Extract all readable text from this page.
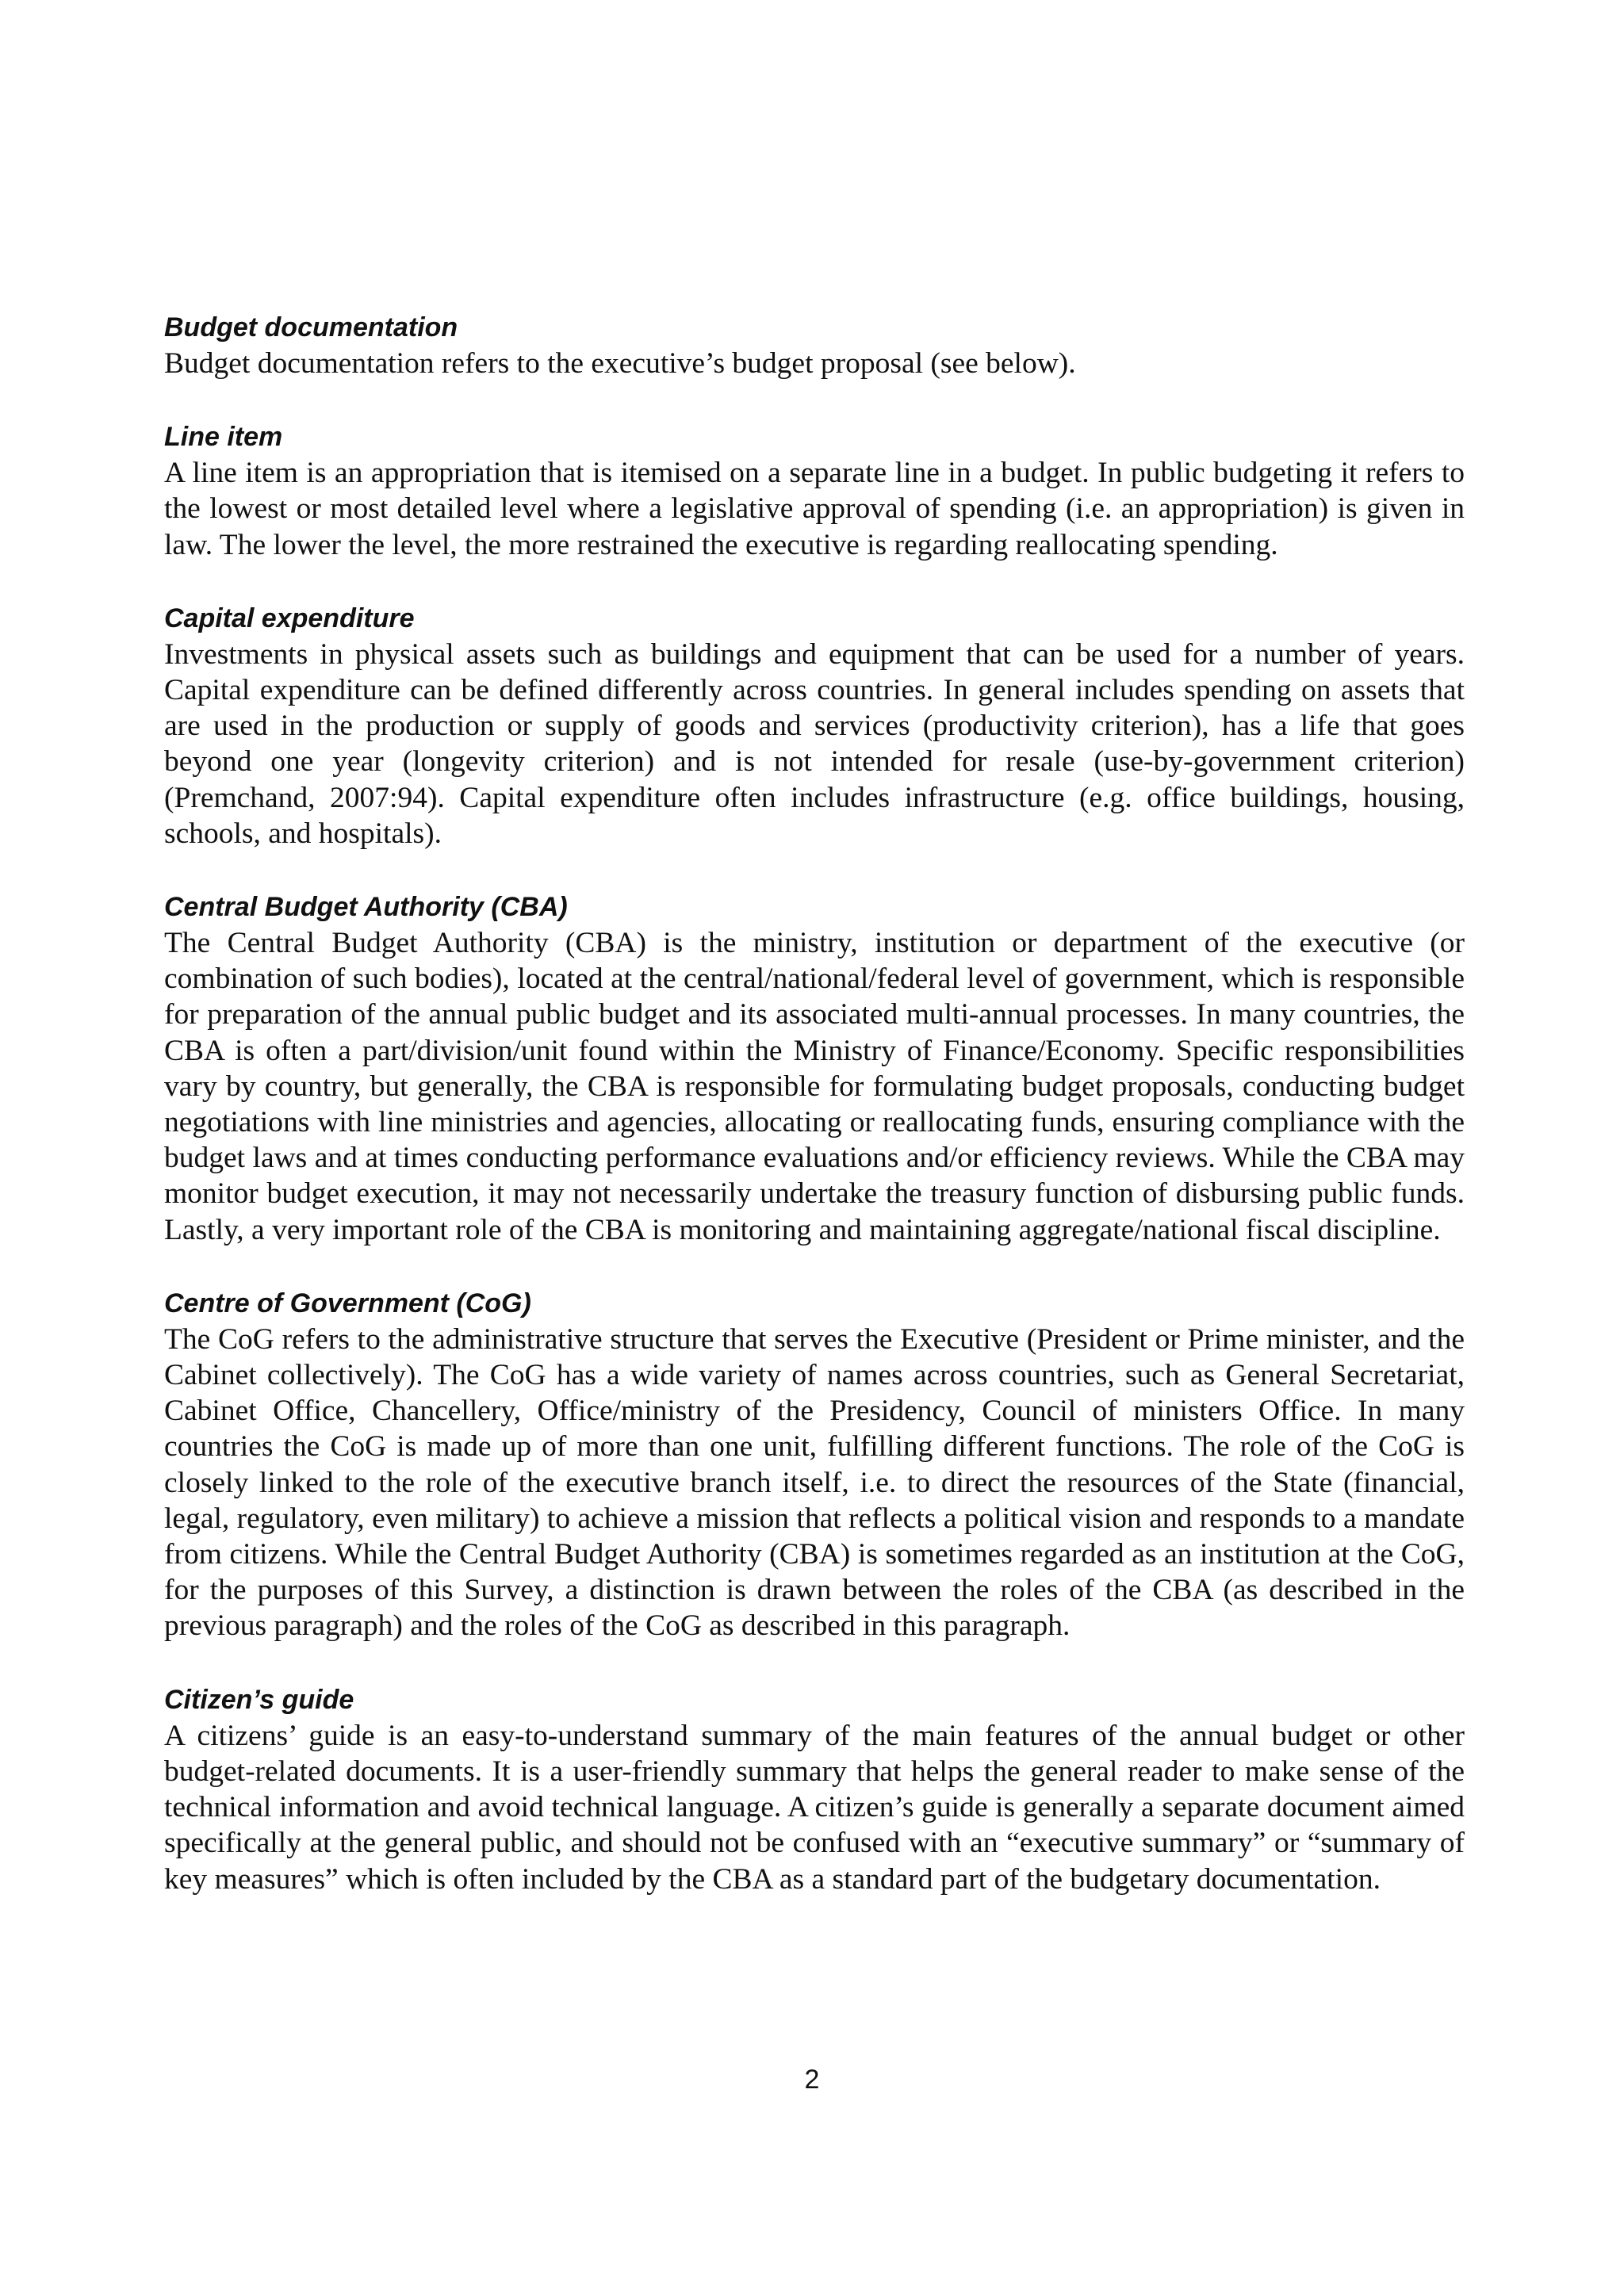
Budget documentation

Budget documentation refers to the executive’s budget proposal (see below).

Line item

A line item is an appropriation that is itemised on a separate line in a budget. In public budgeting it refers to the lowest or most detailed level where a legislative approval of spending (i.e. an appropriation) is given in law. The lower the level, the more restrained the executive is regarding reallocating spending.

Capital expenditure

Investments in physical assets such as buildings and equipment that can be used for a number of years. Capital expenditure can be defined differently across countries. In general includes spending on assets that are used in the production or supply of goods and services (productivity criterion), has a life that goes beyond one year (longevity criterion) and is not intended for resale (use-by-government criterion) (Premchand, 2007:94). Capital expenditure often includes infrastructure (e.g. office buildings, housing, schools, and hospitals).

Central Budget Authority (CBA)

The Central Budget Authority (CBA) is the ministry, institution or department of the executive (or combination of such bodies), located at the central/national/federal level of government, which is responsible for preparation of the annual public budget and its associated multi-annual processes. In many countries, the CBA is often a part/division/unit found within the Ministry of Finance/Economy. Specific responsibilities vary by country, but generally, the CBA is responsible for formulating budget proposals, conducting budget negotiations with line ministries and agencies, allocating or reallocating funds, ensuring compliance with the budget laws and at times conducting performance evaluations and/or efficiency reviews. While the CBA may monitor budget execution, it may not necessarily undertake the treasury function of disbursing public funds. Lastly, a very important role of the CBA is monitoring and maintaining aggregate/national fiscal discipline.

Centre of Government (CoG)

The CoG refers to the administrative structure that serves the Executive (President or Prime minister, and the Cabinet collectively). The CoG has a wide variety of names across countries, such as General Secretariat, Cabinet Office, Chancellery, Office/ministry of the Presidency, Council of ministers Office. In many countries the CoG is made up of more than one unit, fulfilling different functions. The role of the CoG is closely linked to the role of the executive branch itself, i.e. to direct the resources of the State (financial, legal, regulatory, even military) to achieve a mission that reflects a political vision and responds to a mandate from citizens. While the Central Budget Authority (CBA) is sometimes regarded as an institution at the CoG, for the purposes of this Survey, a distinction is drawn between the roles of the CBA (as described in the previous paragraph) and the roles of the CoG as described in this paragraph.

Citizen’s guide

A citizens’ guide is an easy-to-understand summary of the main features of the annual budget or other budget-related documents. It is a user-friendly summary that helps the general reader to make sense of the technical information and avoid technical language. A citizen’s guide is generally a separate document aimed specifically at the general public, and should not be confused with an “executive summary” or “summary of key measures” which is often included by the CBA as a standard part of the budgetary documentation.

2
